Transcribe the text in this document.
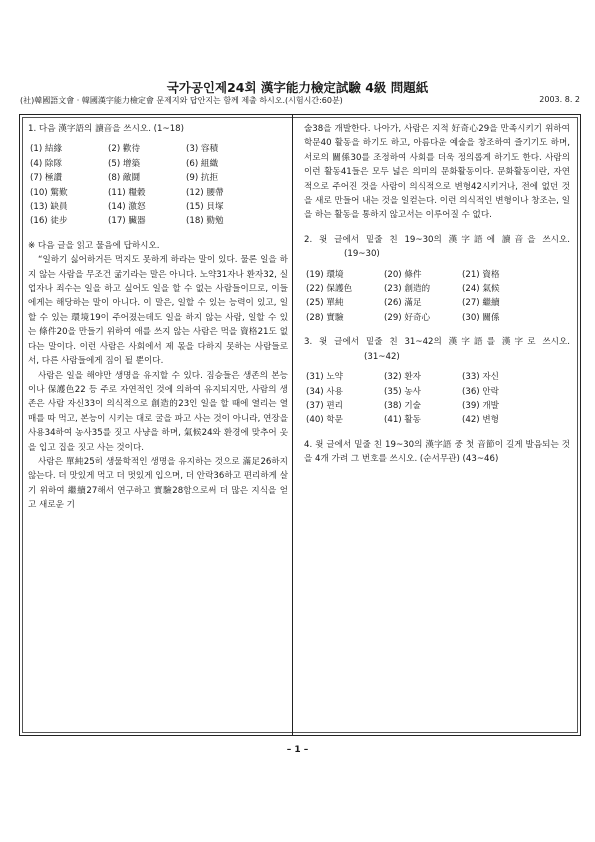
국가공인제24회 漢字能力檢定試驗 4級 問題紙
(社)韓國語文會 · 韓國漢字能力檢定會 문제지와 답안지는 함께 제출 하시오.(시험시간:60분)	2003. 8. 2

1. 다음 漢字語의 讀音을 쓰시오. (1~18)

(1) 結緣	(2) 歡待	(3) 容積
(4) 除隊	(5) 增築	(6) 組織
(7) 極讚	(8) 敵鬪	(9) 抗拒
(10) 驚歎	(11) 糧穀	(12) 腰帶
(13) 缺員	(14) 激怒	(15) 貝塚
(16) 徒步	(17) 臟器	(18) 勤勉

※ 다음 글을 읽고 물음에 답하시오.

“일하기 싫어하거든 먹지도 못하게 하라는 말이 있다. 물론 일을 하지 않는 사람을 무조건 굶기라는 말은 아니다. 노약31자나 환자32, 실업자나 죄수는 일을 하고 싶어도 일을 할 수 없는 사람들이므로, 이들에게는 해당하는 말이 아니다. 이 말은, 일할 수 있는 능력이 있고, 일할 수 있는 環境19이 주어졌는데도 일을 하지 않는 사람, 일할 수 있는 條件20을 만들기 위하여 애를 쓰지 않는 사람은 먹을 資格21도 없다는 말이다. 이런 사람은 사회에서 제 몫을 다하지 못하는 사람들로서, 다른 사람들에게 짐이 될 뿐이다.

사람은 일을 해야만 생명을 유지할 수 있다. 짐승들은 생존의 본능이나 保護色22 등 주로 자연적인 것에 의하여 유지되지만, 사람의 생존은 사람 자신33이 의식적으로 創造的23인 일을 할 때에 열리는 열매를 따 먹고, 본능이 시키는 대로 굴을 파고 사는 것이 아니라, 연장을 사용34하여 농사35를 짓고 사냥을 하며, 氣候24와 환경에 맞추어 옷을 입고 집을 짓고 사는 것이다.

사람은 單純25히 생물학적인 생명을 유지하는 것으로 滿足26하지 않는다. 더 맛있게 먹고 더 멋있게 입으며, 더 안락36하고 편리하게 살기 위하여 繼續27해서 연구하고 實驗28함으로써 더 많은 지식을 얻고 새로운 기

술38을 개발한다. 나아가, 사람은 지적 好奇心29을 만족시키기 위하여 학문40 활동을 하기도 하고, 아름다운 예술을 창조하여 즐기기도 하며, 서로의 關係30를 조정하여 사회를 더욱 정의롭게 하기도 한다. 사람의 이런 활동41들은 모두 넓은 의미의 문화활동이다. 문화활동이란, 자연적으로 주어진 것을 사람이 의식적으로 변형42시키거나, 전에 없던 것을 새로 만들어 내는 것을 일컫는다. 이런 의식적인 변형이나 창조는, 일을 하는 활동을 통하지 않고서는 이루어질 수 없다.

2. 윗 글에서 밑줄 친 19~30의 漢字語에 讀音을 쓰시오. (19~30)

(19) 環境	(20) 條件	(21) 資格
(22) 保護色	(23) 創造的	(24) 氣候
(25) 單純	(26) 滿足	(27) 繼續
(28) 實驗	(29) 好奇心	(30) 關係

3. 윗 글에서 밑줄 친 31~42의 漢字語를 漢字로 쓰시오. (31~42)

(31) 노약	(32) 환자	(33) 자신
(34) 사용	(35) 농사	(36) 안락
(37) 편리	(38) 기술	(39) 개발
(40) 학문	(41) 활동	(42) 변형

4. 윗 글에서 밑줄 친 19~30의 漢字語 중 첫 音節이 길게 발음되는 것을 4개 가려 그 번호를 쓰시오. (순서무관) (43~46)

– 1 –
